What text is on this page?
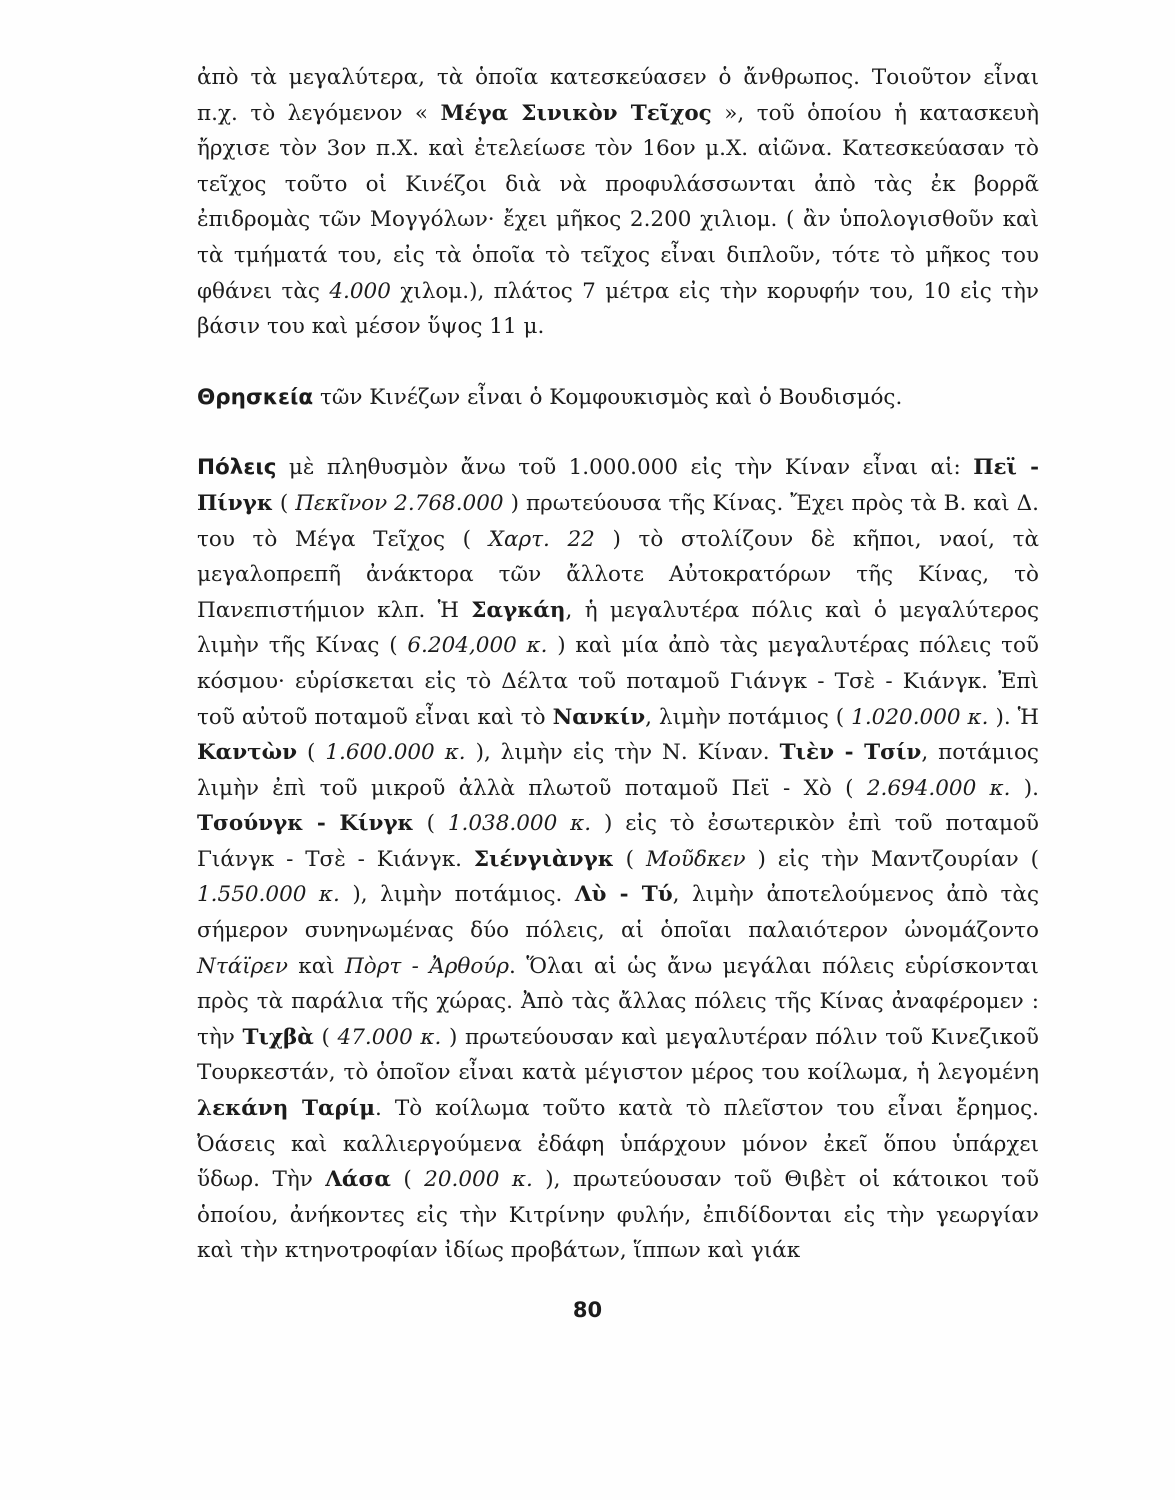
ἀπὸ τὰ μεγαλύτερα, τὰ ὁποῖα κατεσκεύασεν ὁ ἄνθρωπος. Τοιοῦτον εἶναι π.χ. τὸ λεγόμενον « Μέγα Σινικὸν Τεῖχος », τοῦ ὁποίου ἡ κατασκευὴ ἤρχισε τὸν 3ον π.Χ. καὶ ἐτελείωσε τὸν 16ον μ.Χ. αἰῶνα. Κατεσκεύασαν τὸ τεῖχος τοῦτο οἱ Κινέζοι διὰ νὰ προφυλάσσωνται ἀπὸ τὰς ἐκ βορρᾶ ἐπιδρομὰς τῶν Μογγόλων· ἔχει μῆκος 2.200 χιλιομ. ( ἂν ὑπολογισθοῦν καὶ τὰ τμήματά του, εἰς τὰ ὁποῖα τὸ τεῖχος εἶναι διπλοῦν, τότε τὸ μῆκος του φθάνει τὰς 4.000 χιλομ.), πλάτος 7 μέτρα εἰς τὴν κορυφήν του, 10 εἰς τὴν βάσιν του καὶ μέσον ὕψος 11 μ.

Θρησκεία τῶν Κινέζων εἶναι ὁ Κομφουκισμὸς καὶ ὁ Βουδισμός.

Πόλεις μὲ πληθυσμὸν ἄνω τοῦ 1.000.000 εἰς τὴν Κίναν εἶναι αἱ: Πεϊ - Πίνγκ ( Πεκῖνον 2.768.000 ) πρωτεύουσα τῆς Κίνας. Ἔχει πρὸς τὰ Β. καὶ Δ. του τὸ Μέγα Τεῖχος ( Χαρτ. 22 ) τὸ στολίζουν δὲ κῆποι, ναοί, τὰ μεγαλοπρεπῆ ἀνάκτορα τῶν ἄλλοτε Αὐτοκρατόρων τῆς Κίνας, τὸ Πανεπιστήμιον κλπ. Ἡ Σαγκάη, ἡ μεγαλυτέρα πόλις καὶ ὁ μεγαλύτερος λιμὴν τῆς Κίνας ( 6.204,000 κ. ) καὶ μία ἀπὸ τὰς μεγαλυτέρας πόλεις τοῦ κόσμου· εὑρίσκεται εἰς τὸ Δέλτα τοῦ ποταμοῦ Γιάνγκ - Τσὲ - Κιάνγκ. Ἐπὶ τοῦ αὐτοῦ ποταμοῦ εἶναι καὶ τὸ Νανκίν, λιμὴν ποτάμιος ( 1.020.000 κ. ). Ἡ Καντὼν ( 1.600.000 κ. ), λιμὴν εἰς τὴν Ν. Κίναν. Τιὲν - Τσίν, ποτάμιος λιμὴν ἐπὶ τοῦ μικροῦ ἀλλὰ πλωτοῦ ποταμοῦ Πεϊ - Χὸ ( 2.694.000 κ. ). Τσούνγκ - Κίνγκ ( 1.038.000 κ. ) εἰς τὸ ἐσωτερικὸν ἐπὶ τοῦ ποταμοῦ Γιάνγκ - Τσὲ - Κιάνγκ. Σιένγιὰνγκ ( Μοῦδκεν ) εἰς τὴν Μαντζουρίαν ( 1.550.000 κ. ), λιμὴν ποτάμιος. Λὺ - Τύ, λιμὴν ἀποτελούμενος ἀπὸ τὰς σήμερον συνηνωμένας δύο πόλεις, αἱ ὁποῖαι παλαιότερον ὠνομάζοντο Ντάϊρεν καὶ Πὸρτ - Ἀρθούρ. Ὅλαι αἱ ὡς ἄνω μεγάλαι πόλεις εὑρίσκονται πρὸς τὰ παράλια τῆς χώρας. Ἀπὸ τὰς ἄλλας πόλεις τῆς Κίνας ἀναφέρομεν : τὴν Τιχβὰ ( 47.000 κ. ) πρωτεύουσαν καὶ μεγαλυτέραν πόλιν τοῦ Κινεζικοῦ Τουρκεστάν, τὸ ὁποῖον εἶναι κατὰ μέγιστον μέρος του κοίλωμα, ἡ λεγομένη λεκάνη Ταρίμ. Τὸ κοίλωμα τοῦτο κατὰ τὸ πλεῖστον του εἶναι ἔρημος. Ὀάσεις καὶ καλλιεργούμενα ἐδάφη ὑπάρχουν μόνον ἐκεῖ ὅπου ὑπάρχει ὕδωρ. Τὴν Λάσα ( 20.000 κ. ), πρωτεύουσαν τοῦ Θιβὲτ οἱ κάτοικοι τοῦ ὁποίου, ἀνήκοντες εἰς τὴν Κιτρίνην φυλήν, ἐπιδίδονται εἰς τὴν γεωργίαν καὶ τὴν κτηνοτροφίαν ἰδίως προβάτων, ἵππων καὶ γιάκ

80
